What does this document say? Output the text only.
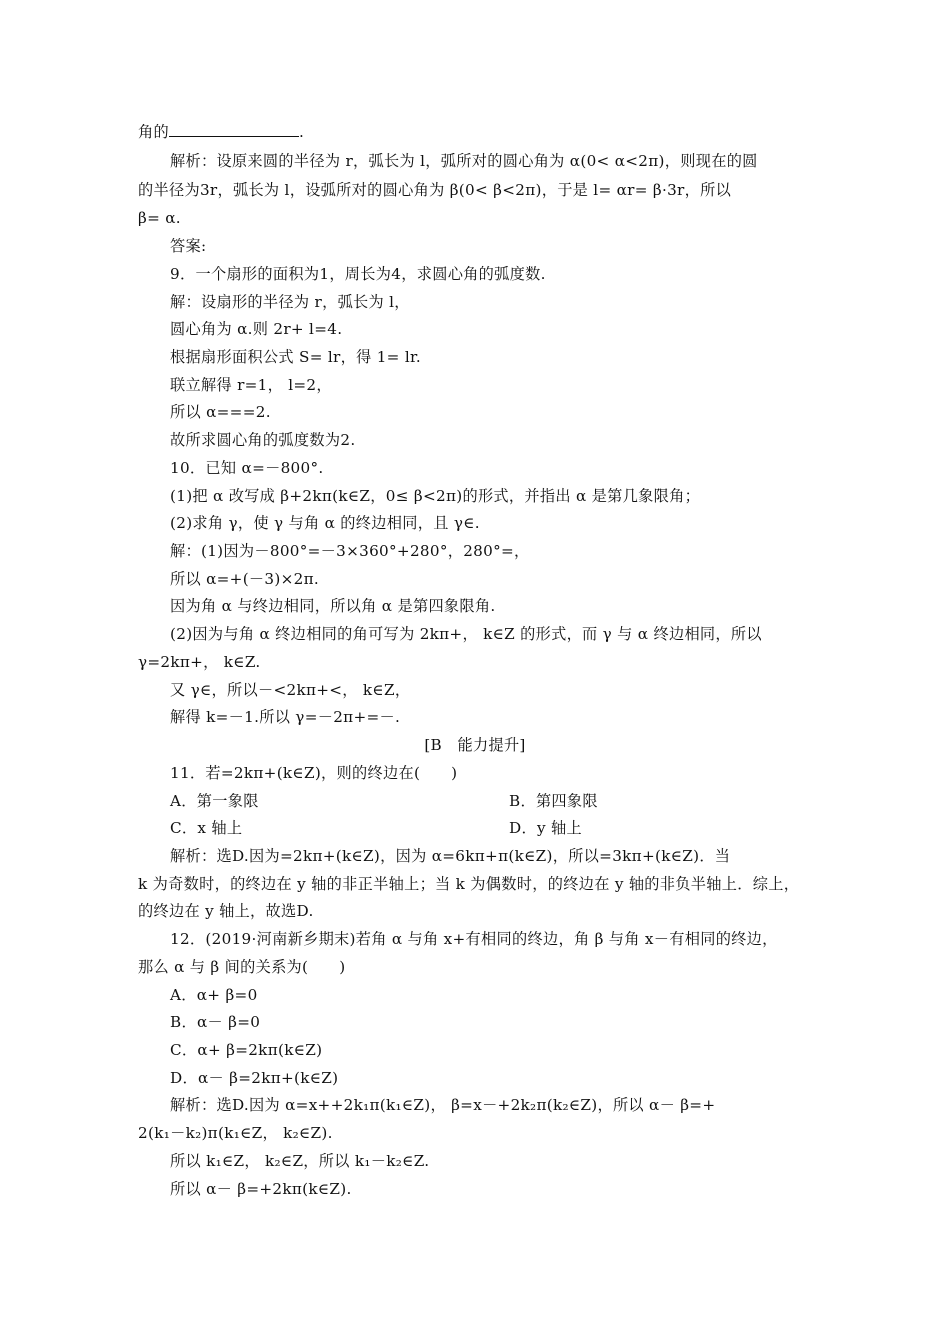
角的	.
解析：设原来圆的半径为 r，弧长为 l，弧所对的圆心角为 α(0< α<2π)，则现在的圆
的半径为3r，弧长为 l，设弧所对的圆心角为 β(0< β<2π)，于是 l= αr= β·3r，所以
β= α.
答案:
9．一个扇形的面积为1，周长为4，求圆心角的弧度数.
解：设扇形的半径为 r，弧长为 l，
圆心角为 α.则 2r+ l=4.
根据扇形面积公式 S= lr，得 1= lr.
联立解得 r=1， l=2，
所以 α===2.
故所求圆心角的弧度数为2.
10．已知 α=－800°.
(1)把 α 改写成 β+2kπ(k∈Z，0≤ β<2π)的形式，并指出 α 是第几象限角；
(2)求角 γ，使 γ 与角 α 的终边相同，且 γ∈.
解：(1)因为－800°=－3×360°+280°，280°=，
所以 α=+(－3)×2π.
因为角 α 与终边相同，所以角 α 是第四象限角.
(2)因为与角 α 终边相同的角可写为 2kπ+， k∈Z 的形式，而 γ 与 α 终边相同，所以
γ=2kπ+， k∈Z.
又 γ∈，所以－<2kπ+<， k∈Z，
解得 k=－1.所以 γ=－2π+=－.
[B　能力提升]
11．若=2kπ+(k∈Z)，则的终边在(　　)
A．第一象限	B．第四象限
C．x 轴上	D．y 轴上
解析：选D.因为=2kπ+(k∈Z)，因为 α=6kπ+π(k∈Z)，所以=3kπ+(k∈Z)．当
k 为奇数时，的终边在 y 轴的非正半轴上；当 k 为偶数时，的终边在 y 轴的非负半轴上．综上，
的终边在 y 轴上，故选D.
12．(2019·河南新乡期末)若角 α 与角 x+有相同的终边，角 β 与角 x－有相同的终边，
那么 α 与 β 间的关系为(　　)
A．α+ β=0
B．α－ β=0
C．α+ β=2kπ(k∈Z)
D．α－ β=2kπ+(k∈Z)
解析：选D.因为 α=x++2k₁π(k₁∈Z)， β=x－+2k₂π(k₂∈Z)，所以 α－ β=+
2(k₁－k₂)π(k₁∈Z， k₂∈Z).
所以 k₁∈Z， k₂∈Z，所以 k₁－k₂∈Z.
所以 α－ β=+2kπ(k∈Z).
